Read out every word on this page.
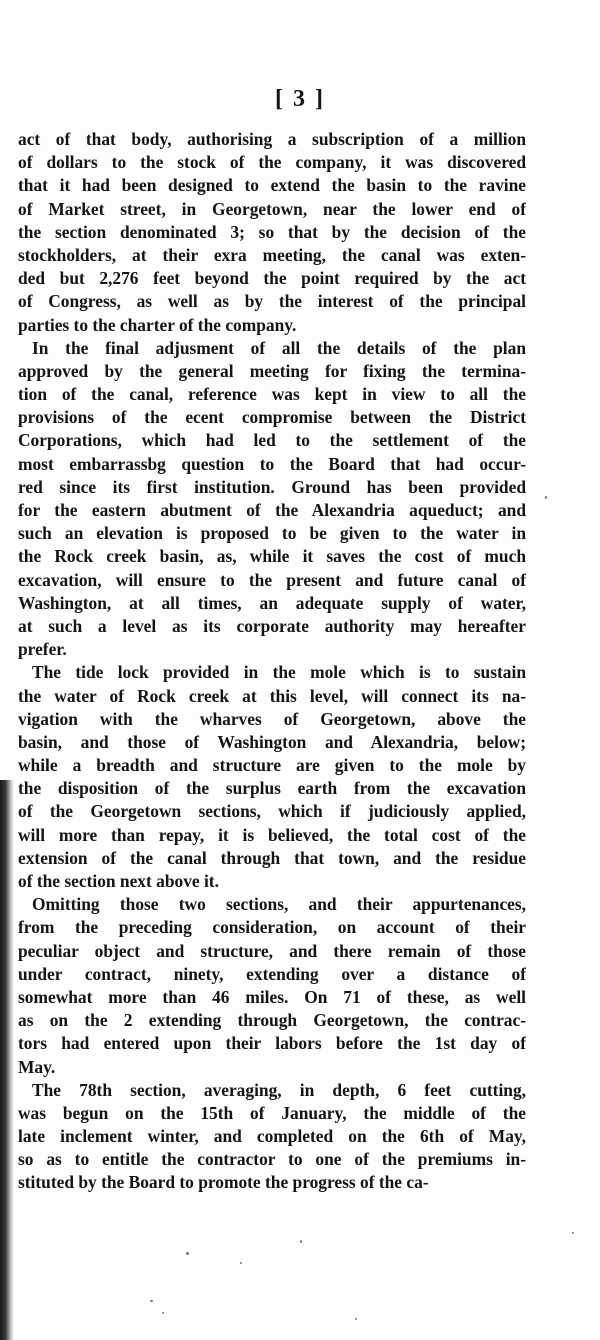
[ 3 ]
act of that body, authorising a subscription of a million
of dollars to the stock of the company, it was discovered
that it had been designed to extend the basin to the ravine
of Market street, in Georgetown, near the lower end of
the section denominated 3; so that by the decision of the
stockholders, at their exra meeting, the canal was exten-
ded but 2,276 feet beyond the point required by the act
of Congress, as well as by the interest of the principal
parties to the charter of the company.
In the final adjusment of all the details of the plan
approved by the general meeting for fixing the termina-
tion of the canal, reference was kept in view to all the
provisions of the ecent compromise between the District
Corporations, which had led to the settlement of the
most embarrassbg question to the Board that had occur-
red since its first institution. Ground has been provided
for the eastern abutment of the Alexandria aqueduct; and
such an elevation is proposed to be given to the water in
the Rock creek basin, as, while it saves the cost of much
excavation, will ensure to the present and future canal of
Washington, at all times, an adequate supply of water,
at such a level as its corporate authority may hereafter
prefer.
The tide lock provided in the mole which is to sustain
the water of Rock creek at this level, will connect its na-
vigation with the wharves of Georgetown, above the
basin, and those of Washington and Alexandria, below;
while a breadth and structure are given to the mole by
the disposition of the surplus earth from the excavation
of the Georgetown sections, which if judiciously applied,
will more than repay, it is believed, the total cost of the
extension of the canal through that town, and the residue
of the section next above it.
Omitting those two sections, and their appurtenances,
from the preceding consideration, on account of their
peculiar object and structure, and there remain of those
under contract, ninety, extending over a distance of
somewhat more than 46 miles. On 71 of these, as well
as on the 2 extending through Georgetown, the contrac-
tors had entered upon their labors before the 1st day of
May.
The 78th section, averaging, in depth, 6 feet cutting,
was begun on the 15th of January, the middle of the
late inclement winter, and completed on the 6th of May,
so as to entitle the contractor to one of the premiums in-
stituted by the Board to promote the progress of the ca-
